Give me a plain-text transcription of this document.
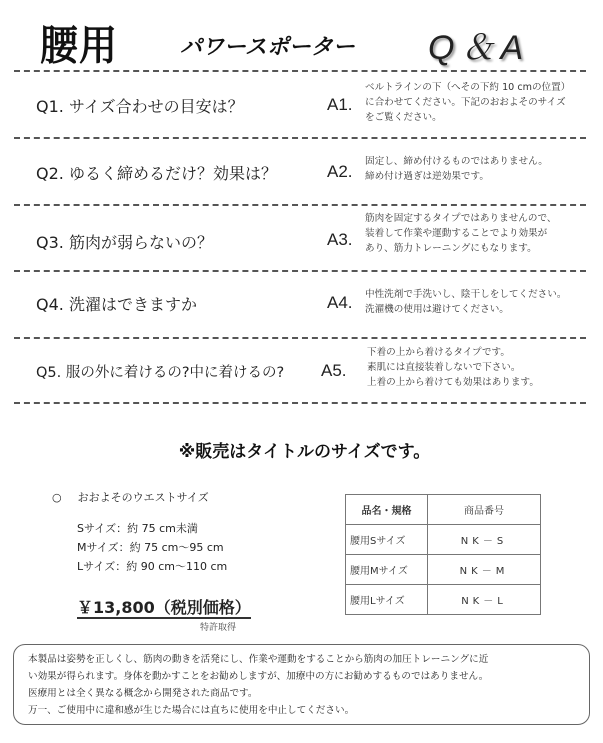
腰用	パワースポーター Q＆A
Q1. サイズ合わせの目安は？	A1.
ベルトラインの下（へその下約 10 cmの位置）
に合わせてください。下記のおおよそのサイズ
をご覧ください。
Q2. ゆるく締めるだけ？効果は？	A2.
固定し、締め付けるものではありません。
締め付け過ぎは逆効果です。
Q3. 筋肉が弱らないの？	A3.
筋肉を固定するタイプではありませんので、
装着して作業や運動することでより効果が
あり、筋力トレーニングにもなります。
Q4. 洗濯はできますか	A4. 中性洗剤で手洗いし、陰干しをしてください。
洗濯機の使用は避けてください。
Q5. 服の外に着けるの?中に着けるの? A5.
下着の上から着けるタイプです。
素肌には直接装着しないで下さい。
上着の上から着けても効果はあります。
※販売はタイトルのサイズです。
○ おおよそのウエストサイズ
Sサイズ：約 75 cm未満
Mサイズ：約 75 cm～95 cm
Lサイズ：約 90 cm～110 cm
￥13,800（税別価格）
特許取得
品名・規格	商品番号
腰用Sサイズ	NK－S
腰用Mサイズ	NK－M
腰用Lサイズ	NK－L
本製品は姿勢を正しくし、筋肉の動きを活発にし、作業や運動をすることから筋肉の加圧トレーニングに近
い効果が得られます。身体を動かすことをお勧めしますが、加療中の方にお勧めするものではありません。
医療用とは全く異なる概念から開発された商品です。
万一、ご使用中に違和感が生じた場合には直ちに使用を中止してください。
